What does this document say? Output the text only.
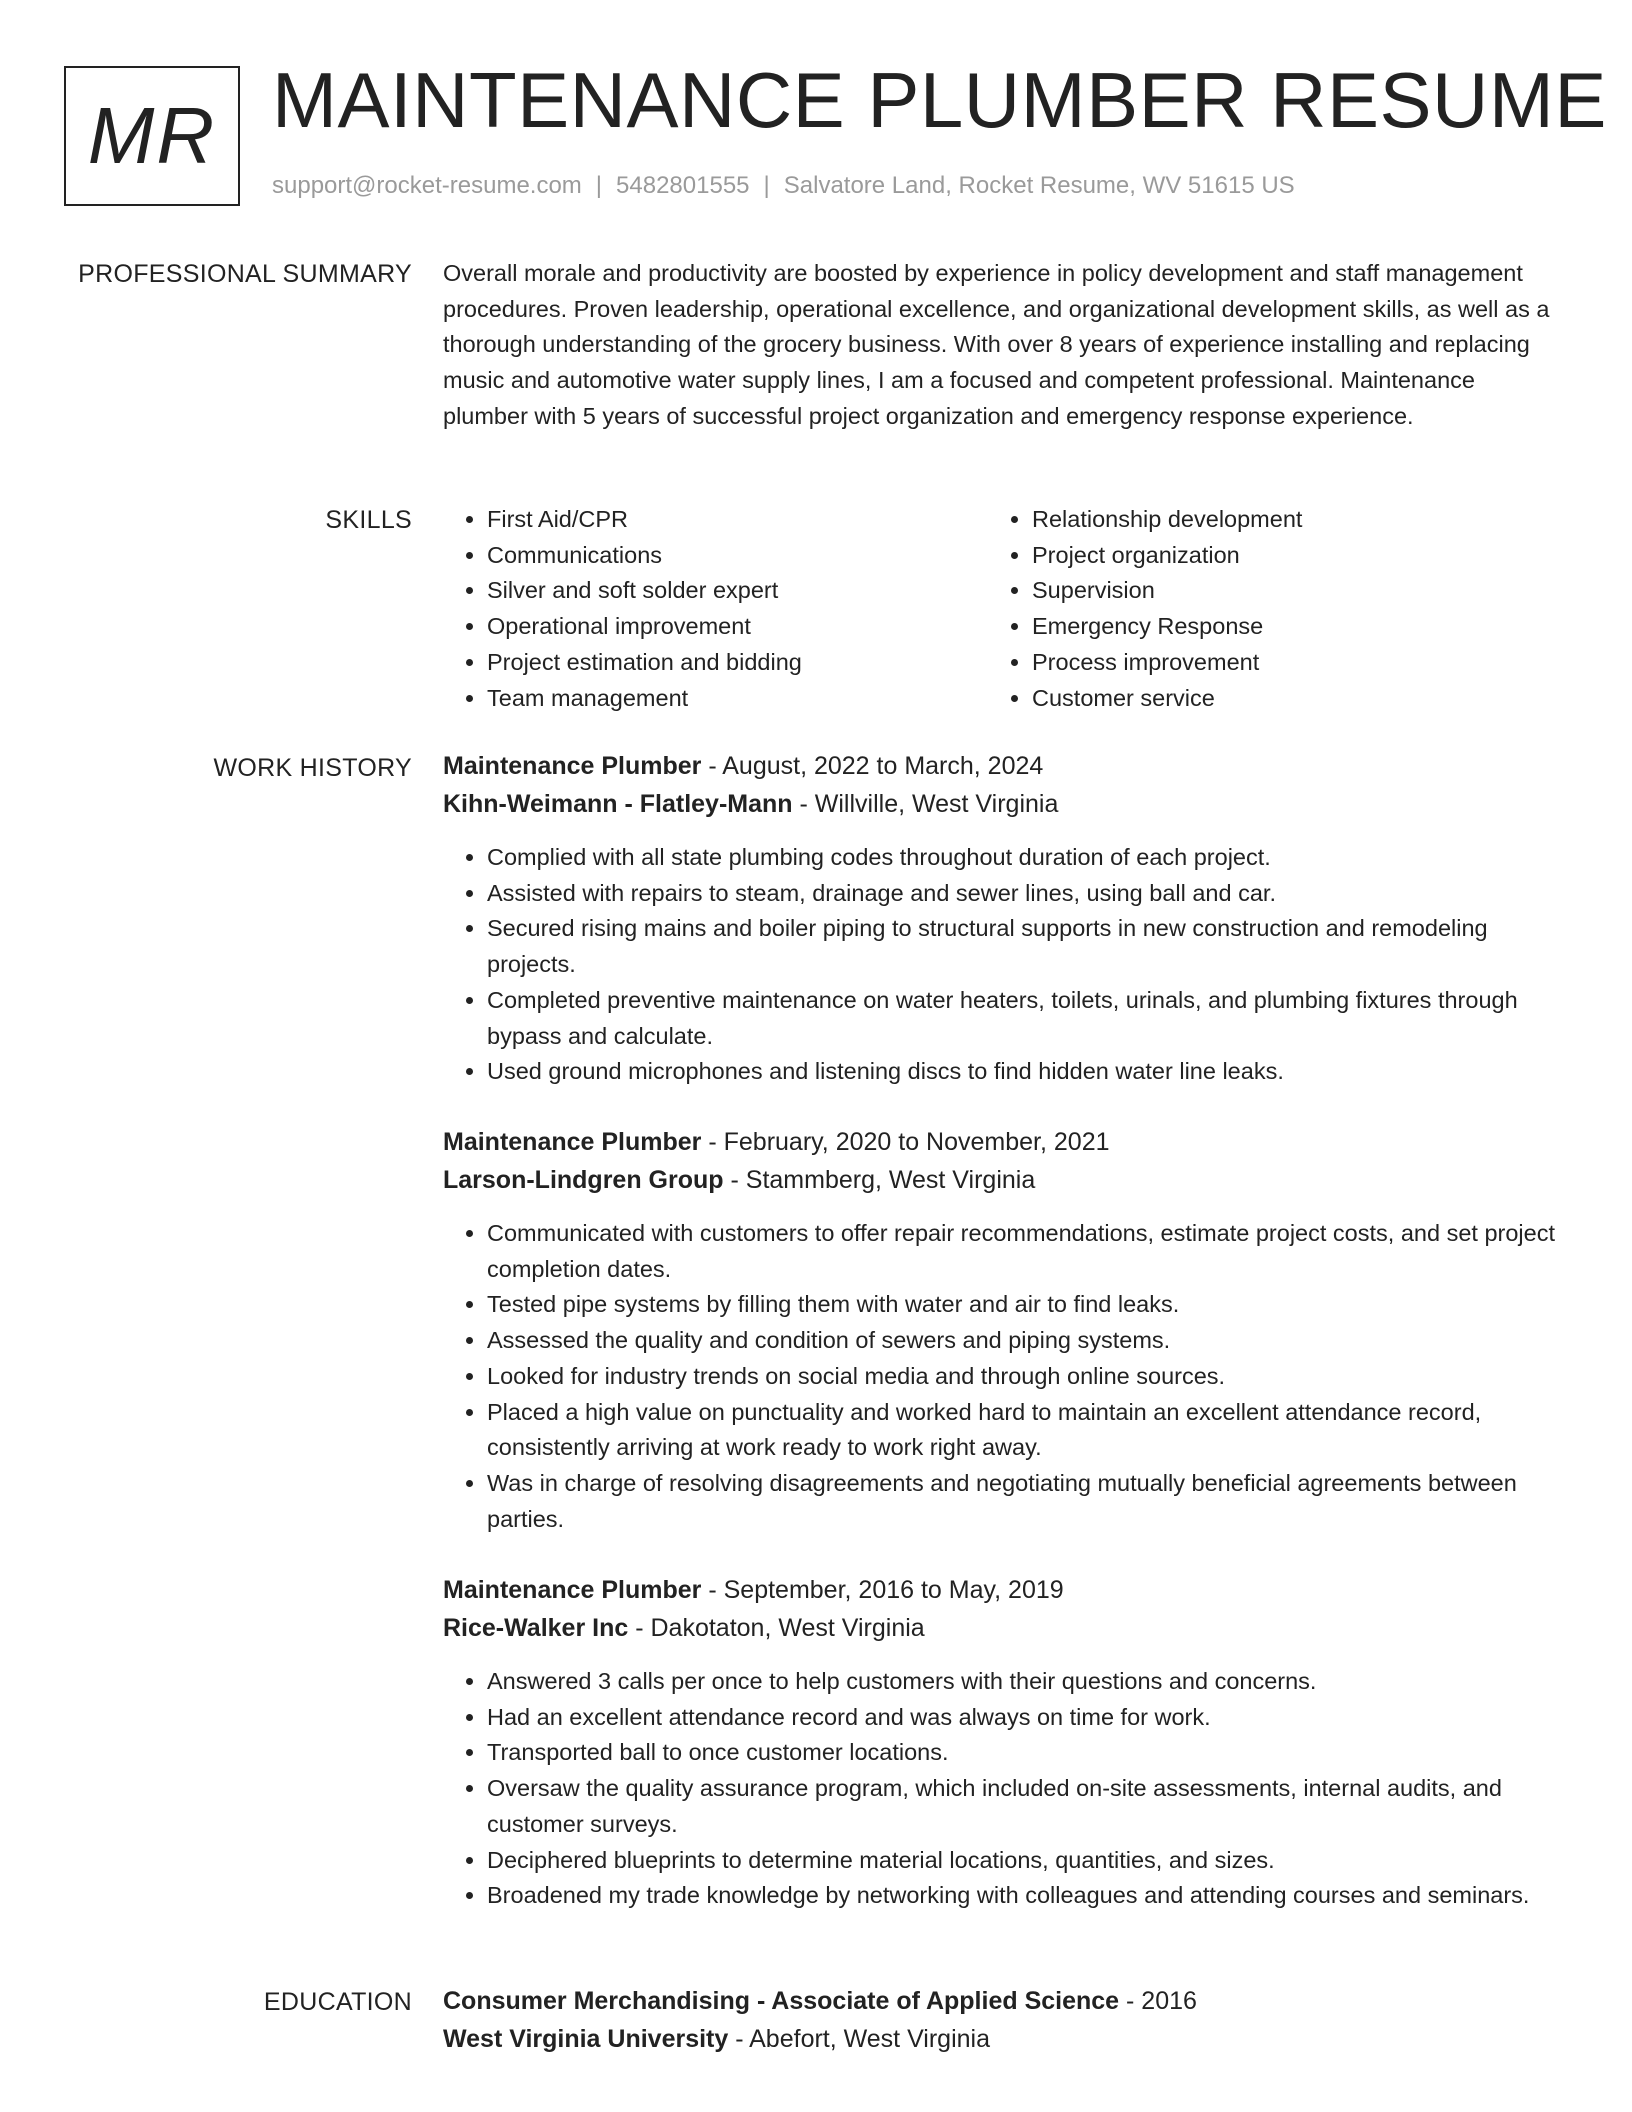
MR MAINTENANCE PLUMBER RESUME
support@rocket-resume.com | 5482801555 | Salvatore Land, Rocket Resume, WV 51615 US
PROFESSIONAL SUMMARY Overall morale and productivity are boosted by experience in policy development and staff management procedures. Proven leadership, operational excellence, and organizational development skills, as well as a thorough understanding of the grocery business. With over 8 years of experience installing and replacing music and automotive water supply lines, I am a focused and competent professional. Maintenance plumber with 5 years of successful project organization and emergency response experience.
SKILLS
•	First Aid/CPR
• Communications
• Silver and soft solder expert
• Operational improvement
• Project estimation and bidding
• Team management
• Relationship development
• Project organization
• Supervision
• Emergency Response
• Process improvement
• Customer service
WORK HISTORY Maintenance Plumber - August, 2022 to March, 2024
Kihn-Weimann - Flatley-Mann - Willville, West Virginia
• Complied with all state plumbing codes throughout duration of each project.
• Assisted with repairs to steam, drainage and sewer lines, using ball and car.
• Secured rising mains and boiler piping to structural supports in new construction and remodeling projects.
• Completed preventive maintenance on water heaters, toilets, urinals, and plumbing fixtures through bypass and calculate.
• Used ground microphones and listening discs to find hidden water line leaks.
Maintenance Plumber - February, 2020 to November, 2021
Larson-Lindgren Group - Stammberg, West Virginia
• Communicated with customers to offer repair recommendations, estimate project costs, and set project completion dates.
• Tested pipe systems by filling them with water and air to find leaks.
• Assessed the quality and condition of sewers and piping systems.
• Looked for industry trends on social media and through online sources.
• Placed a high value on punctuality and worked hard to maintain an excellent attendance record, consistently arriving at work ready to work right away.
• Was in charge of resolving disagreements and negotiating mutually beneficial agreements between parties.
Maintenance Plumber - September, 2016 to May, 2019
Rice-Walker Inc - Dakotaton, West Virginia
• Answered 3 calls per once to help customers with their questions and concerns.
• Had an excellent attendance record and was always on time for work.
• Transported ball to once customer locations.
• Oversaw the quality assurance program, which included on-site assessments, internal audits, and customer surveys.
• Deciphered blueprints to determine material locations, quantities, and sizes.
• Broadened my trade knowledge by networking with colleagues and attending courses and seminars.
EDUCATION Consumer Merchandising - Associate of Applied Science - 2016
West Virginia University - Abefort, West Virginia
